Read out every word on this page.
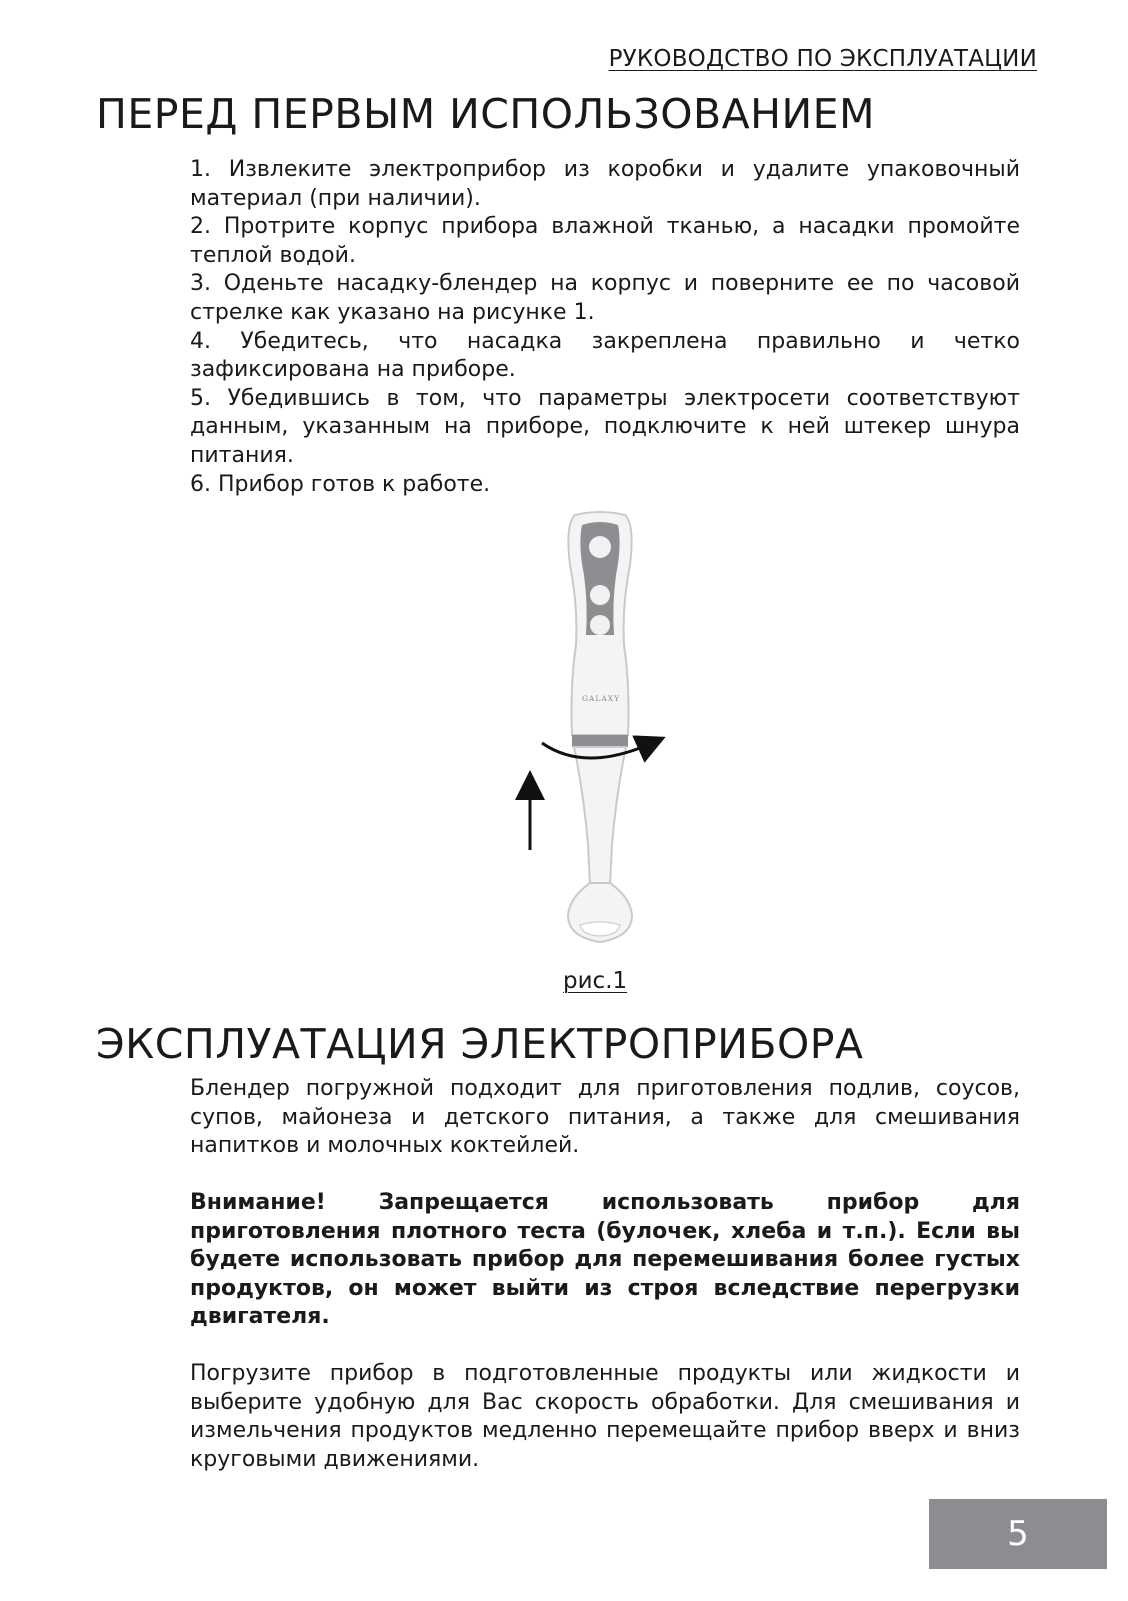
РУКОВОДСТВО ПО ЭКСПЛУАТАЦИИ
ПЕРЕД ПЕРВЫМ ИСПОЛЬЗОВАНИЕМ

1. Извлеките электроприбор из коробки и удалите упаковочный материал (при наличии).

2. Протрите корпус прибора влажной тканью, а насадки промойте теплой водой.

3. Оденьте насадку-блендер на корпус и поверните ее по часовой стрелке как указано на рисунке 1.

4. Убедитесь, что насадка закреплена правильно и четко зафиксирована на приборе.

5. Убедившись в том, что параметры электросети соответствуют данным, указанным на приборе, подключите к ней штекер шнура питания.

6. Прибор готов к работе.

GALAXY
рис.1
ЭКСПЛУАТАЦИЯ ЭЛЕКТРОПРИБОРА

Блендер погружной подходит для приготовления подлив, соусов, супов, майонеза и детского питания, а также для смешивания напитков и молочных коктейлей.

Внимание! Запрещается использовать прибор для приготовления плотного теста (булочек, хлеба и т.п.). Если вы будете использовать прибор для перемешивания более густых продуктов, он может выйти из строя вследствие перегрузки двигателя.

Погрузите прибор в подготовленные продукты или жидкости и выберите удобную для Вас скорость обработки. Для смешивания и измельчения продуктов медленно перемещайте прибор вверх и вниз круговыми движениями.

5
